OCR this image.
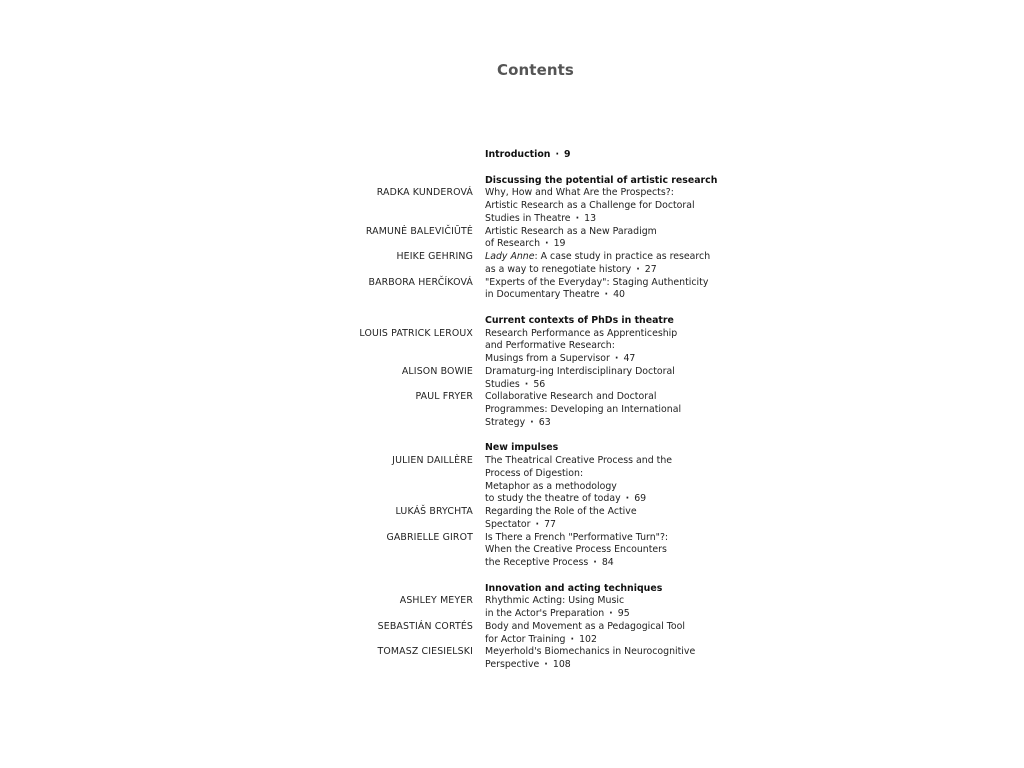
Contents
Introduction · 9
Discussing the potential of artistic research
RADKA KUNDEROVÁ	Why, How and What Are the Prospects?:
Artistic Research as a Challenge for Doctoral
Studies in Theatre · 13
RAMUNĖ BALEVIČIŪTĖ	Artistic Research as a New Paradigm
of Research · 19
HEIKE GEHRING	Lady Anne: A case study in practice as research
as a way to renegotiate history · 27
BARBORA HERČÍKOVÁ	"Experts of the Everyday": Staging Authenticity
in Documentary Theatre · 40
Current contexts of PhDs in theatre
LOUIS PATRICK LEROUX	Research Performance as Apprenticeship
and Performative Research:
Musings from a Supervisor · 47
ALISON BOWIE	Dramaturg-ing Interdisciplinary Doctoral
Studies · 56
PAUL FRYER	Collaborative Research and Doctoral
Programmes: Developing an International
Strategy · 63
New impulses
JULIEN DAILLÈRE	The Theatrical Creative Process and the
Process of Digestion:
Metaphor as a methodology
to study the theatre of today · 69
LUKÁŠ BRYCHTA	Regarding the Role of the Active
Spectator · 77
GABRIELLE GIROT	Is There a French "Performative Turn"?:
When the Creative Process Encounters
the Receptive Process · 84
Innovation and acting techniques
ASHLEY MEYER	Rhythmic Acting: Using Music
in the Actor's Preparation · 95
SEBASTIÁN CORTÉS	Body and Movement as a Pedagogical Tool
for Actor Training · 102
TOMASZ CIESIELSKI	Meyerhold's Biomechanics in Neurocognitive
Perspective · 108
